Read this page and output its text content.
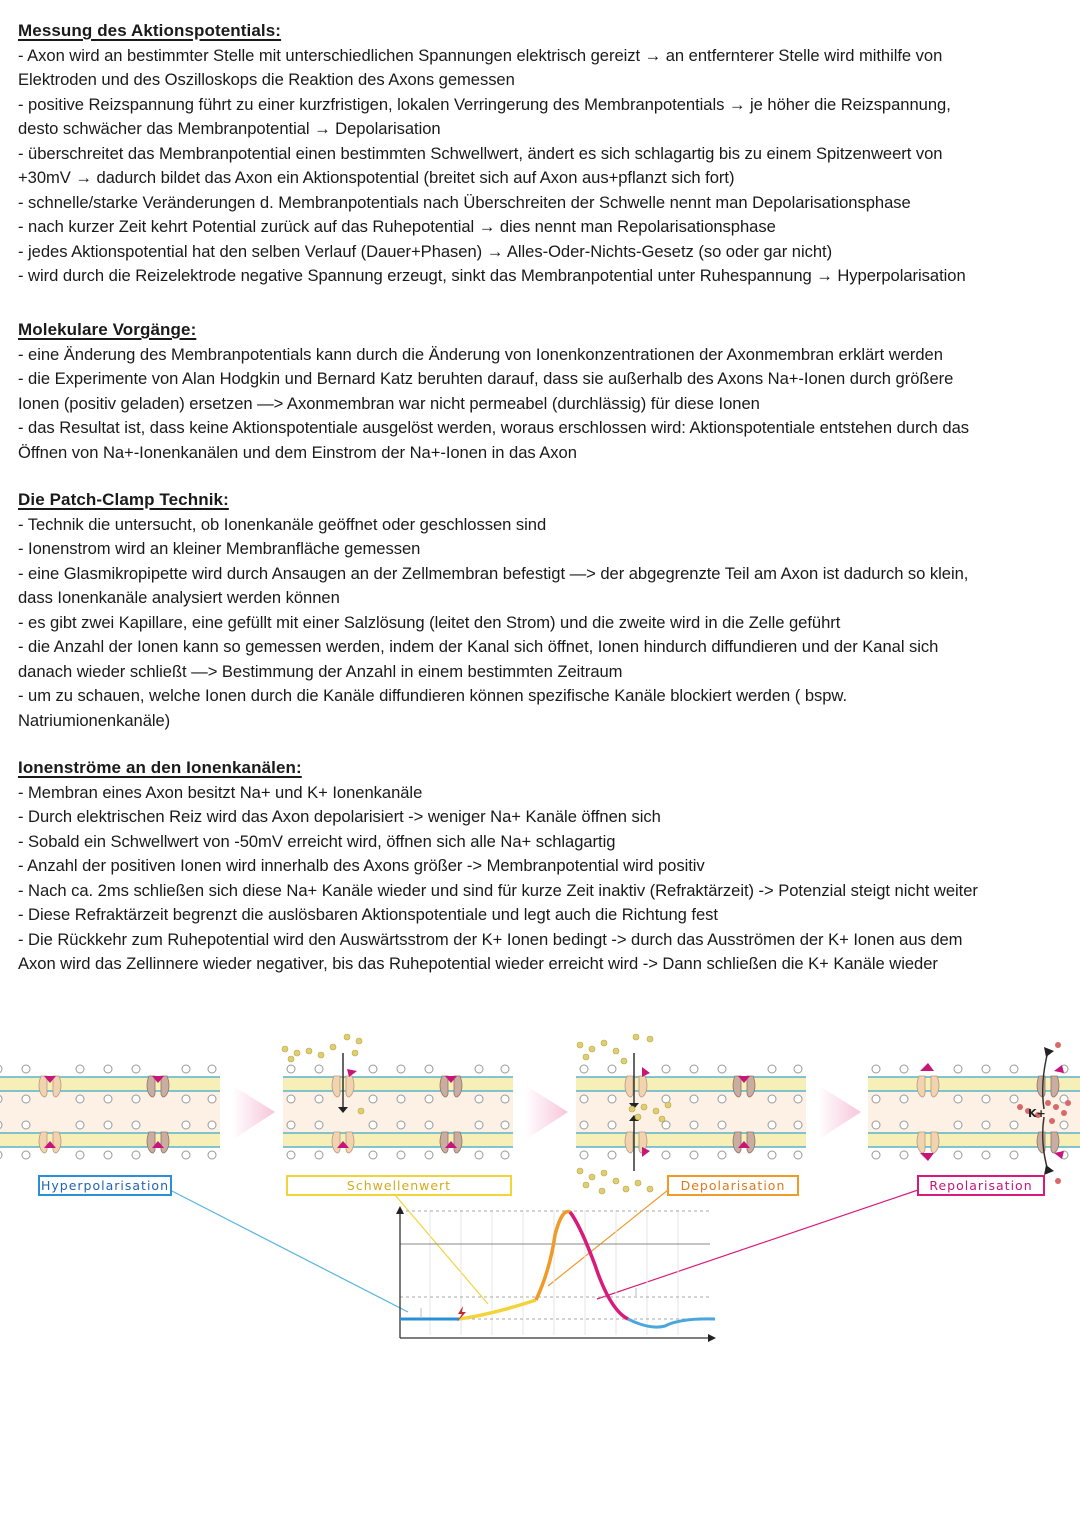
Messung des Aktionspotentials:
- Axon wird an bestimmter Stelle mit unterschiedlichen Spannungen elektrisch gereizt → an entfernterer Stelle wird mithilfe von
Elektroden und des Oszilloskops die Reaktion des Axons gemessen
- positive Reizspannung führt zu einer kurzfristigen, lokalen Verringerung des Membranpotentials → je höher die Reizspannung,
desto schwächer das Membranpotential → Depolarisation
- überschreitet das Membranpotential einen bestimmten Schwellwert, ändert es sich schlagartig bis zu einem Spitzenweert von
+30mV → dadurch bildet das Axon ein Aktionspotential (breitet sich auf Axon aus+pflanzt sich fort)
- schnelle/starke Veränderungen d. Membranpotentials nach Überschreiten der Schwelle nennt man Depolarisationsphase
- nach kurzer Zeit kehrt Potential zurück auf das Ruhepotential → dies nennt man Repolarisationsphase
- jedes Aktionspotential hat den selben Verlauf (Dauer+Phasen) → Alles-Oder-Nichts-Gesetz (so oder gar nicht)
- wird durch die Reizelektrode negative Spannung erzeugt, sinkt das Membranpotential unter Ruhespannung → Hyperpolarisation
Molekulare Vorgänge:
- eine Änderung des Membranpotentials kann durch die Änderung von Ionenkonzentrationen der Axonmembran erklärt werden
- die Experimente von Alan Hodgkin und Bernard Katz beruhten darauf, dass sie außerhalb des Axons Na+-Ionen durch größere
Ionen (positiv geladen) ersetzen —> Axonmembran war nicht permeabel (durchlässig) für diese Ionen
- das Resultat ist, dass keine Aktionspotentiale ausgelöst werden, woraus erschlossen wird: Aktionspotentiale entstehen durch das
Öffnen von Na+-Ionenkanälen und dem Einstrom der Na+-Ionen in das Axon
Die Patch-Clamp Technik:
- Technik die untersucht, ob Ionenkanäle geöffnet oder geschlossen sind
- Ionenstrom wird an kleiner Membranfläche gemessen
- eine Glasmikropipette wird durch Ansaugen an der Zellmembran befestigt —> der abgegrenzte Teil am Axon ist dadurch so klein,
dass Ionenkanäle analysiert werden können
- es gibt zwei Kapillare, eine gefüllt mit einer Salzlösung (leitet den Strom) und die zweite wird in die Zelle geführt
- die Anzahl der Ionen kann so gemessen werden, indem der Kanal sich öffnet, Ionen hindurch diffundieren und der Kanal sich
danach wieder schließt —> Bestimmung der Anzahl in einem bestimmten Zeitraum
- um zu schauen, welche Ionen durch die Kanäle diffundieren können spezifische Kanäle blockiert werden ( bspw.
Natriumionenkanäle)
Ionenströme an den Ionenkanälen:
- Membran eines Axon besitzt Na+ und K+ Ionenkanäle
- Durch elektrischen Reiz wird das Axon depolarisiert -> weniger Na+ Kanäle öffnen sich
- Sobald ein Schwellwert von -50mV erreicht wird, öffnen sich alle Na+ schlagartig
- Anzahl der positiven Ionen wird innerhalb des Axons größer -> Membranpotential wird positiv
- Nach ca. 2ms schließen sich diese Na+ Kanäle wieder und sind für kurze Zeit inaktiv (Refraktärzeit) -> Potenzial steigt nicht weiter
- Diese Refraktärzeit begrenzt die auslösbaren Aktionspotentiale und legt auch die Richtung fest
- Die Rückkehr zum Ruhepotential wird den Auswärtsstrom der K+ Ionen bedingt -> durch das Ausströmen der K+ Ionen aus dem
Axon wird das Zellinnere wieder negativer, bis das Ruhepotential wieder erreicht wird -> Dann schließen die K+ Kanäle wieder
K+
Hyperpolarisation	Schwellenwert	Depolarisation	Repolarisation
